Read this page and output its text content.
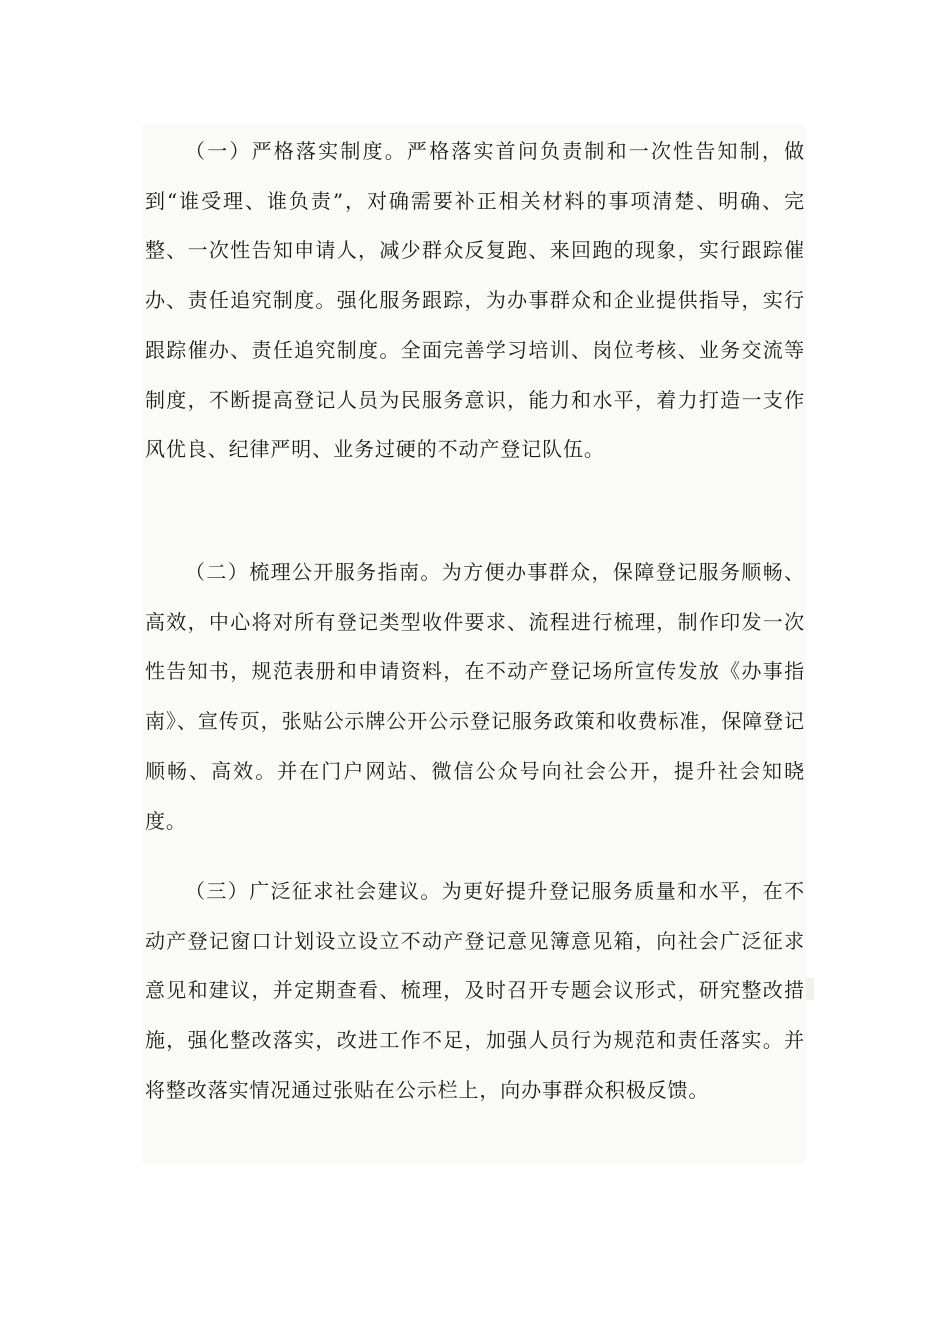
（一）严格落实制度。严格落实首问负责制和一次性告知制，做到“谁受理、谁负责”，对确需要补正相关材料的事项清楚、明确、完整、一次性告知申请人，减少群众反复跑、来回跑的现象，实行跟踪催办、责任追究制度。强化服务跟踪，为办事群众和企业提供指导，实行跟踪催办、责任追究制度。全面完善学习培训、岗位考核、业务交流等制度，不断提高登记人员为民服务意识，能力和水平，着力打造一支作风优良、纪律严明、业务过硬的不动产登记队伍。

（二）梳理公开服务指南。为方便办事群众，保障登记服务顺畅、高效，中心将对所有登记类型收件要求、流程进行梳理，制作印发一次性告知书，规范表册和申请资料，在不动产登记场所宣传发放《办事指南》、宣传页，张贴公示牌公开公示登记服务政策和收费标准，保障登记顺畅、高效。并在门户网站、微信公众号向社会公开，提升社会知晓度。

（三）广泛征求社会建议。为更好提升登记服务质量和水平，在不动产登记窗口计划设立设立不动产登记意见簿意见箱，向社会广泛征求意见和建议，并定期查看、梳理，及时召开专题会议形式，研究整改措施，强化整改落实，改进工作不足，加强人员行为规范和责任落实。并将整改落实情况通过张贴在公示栏上，向办事群众积极反馈。
